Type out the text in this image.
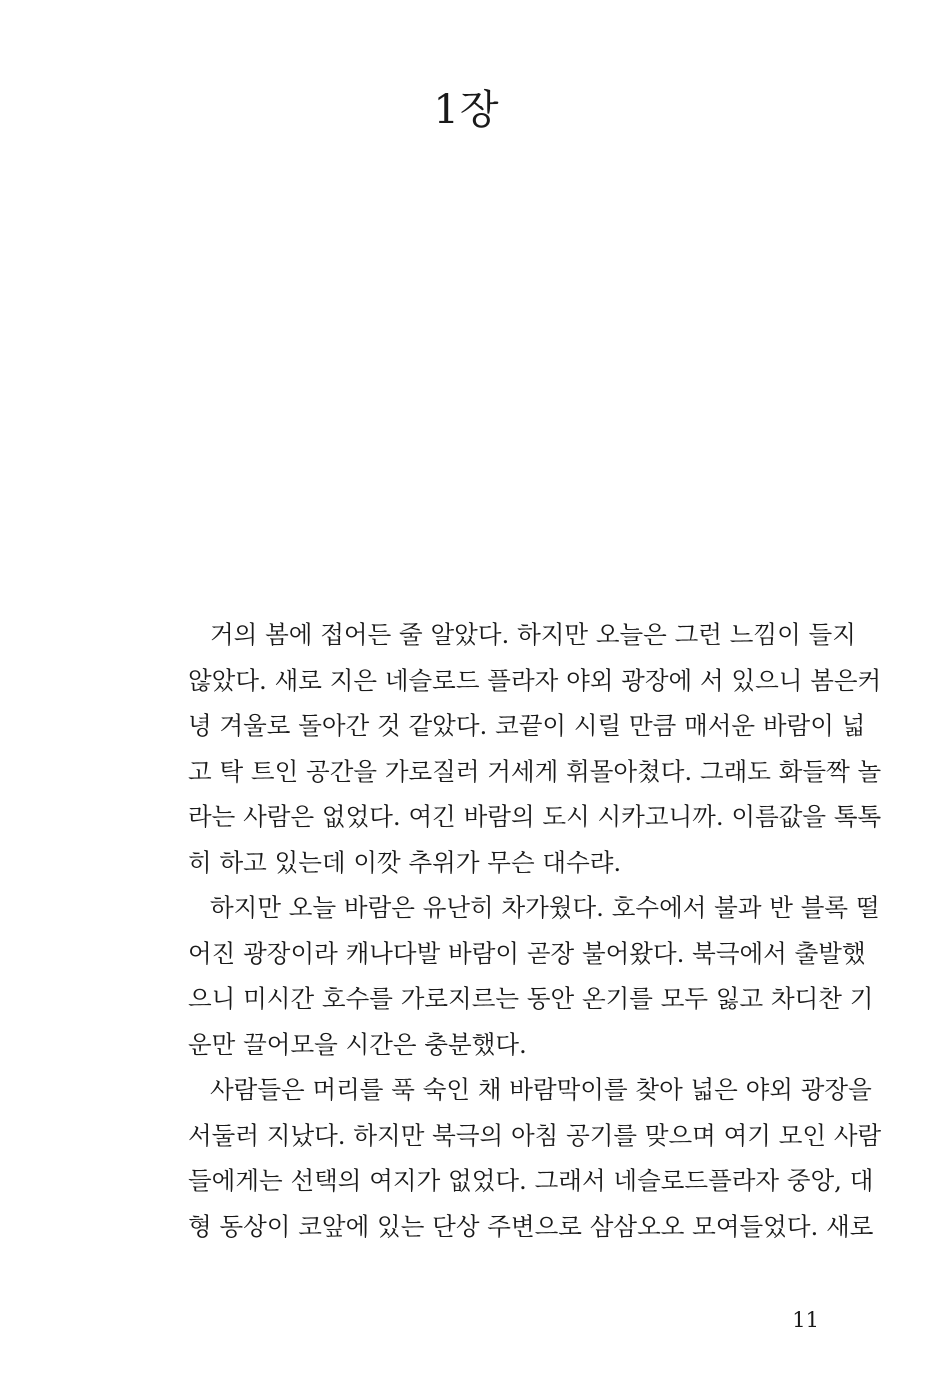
1장
거의 봄에 접어든 줄 알았다. 하지만 오늘은 그런 느낌이 들지
않았다. 새로 지은 네슬로드 플라자 야외 광장에 서 있으니 봄은커
녕 겨울로 돌아간 것 같았다. 코끝이 시릴 만큼 매서운 바람이 넓
고 탁 트인 공간을 가로질러 거세게 휘몰아쳤다. 그래도 화들짝 놀
라는 사람은 없었다. 여긴 바람의 도시 시카고니까. 이름값을 톡톡
히 하고 있는데 이깟 추위가 무슨 대수랴.
하지만 오늘 바람은 유난히 차가웠다. 호수에서 불과 반 블록 떨
어진 광장이라 캐나다발 바람이 곧장 불어왔다. 북극에서 출발했
으니 미시간 호수를 가로지르는 동안 온기를 모두 잃고 차디찬 기
운만 끌어모을 시간은 충분했다.
사람들은 머리를 푹 숙인 채 바람막이를 찾아 넓은 야외 광장을
서둘러 지났다. 하지만 북극의 아침 공기를 맞으며 여기 모인 사람
들에게는 선택의 여지가 없었다. 그래서 네슬로드플라자 중앙, 대
형 동상이 코앞에 있는 단상 주변으로 삼삼오오 모여들었다. 새로
11
